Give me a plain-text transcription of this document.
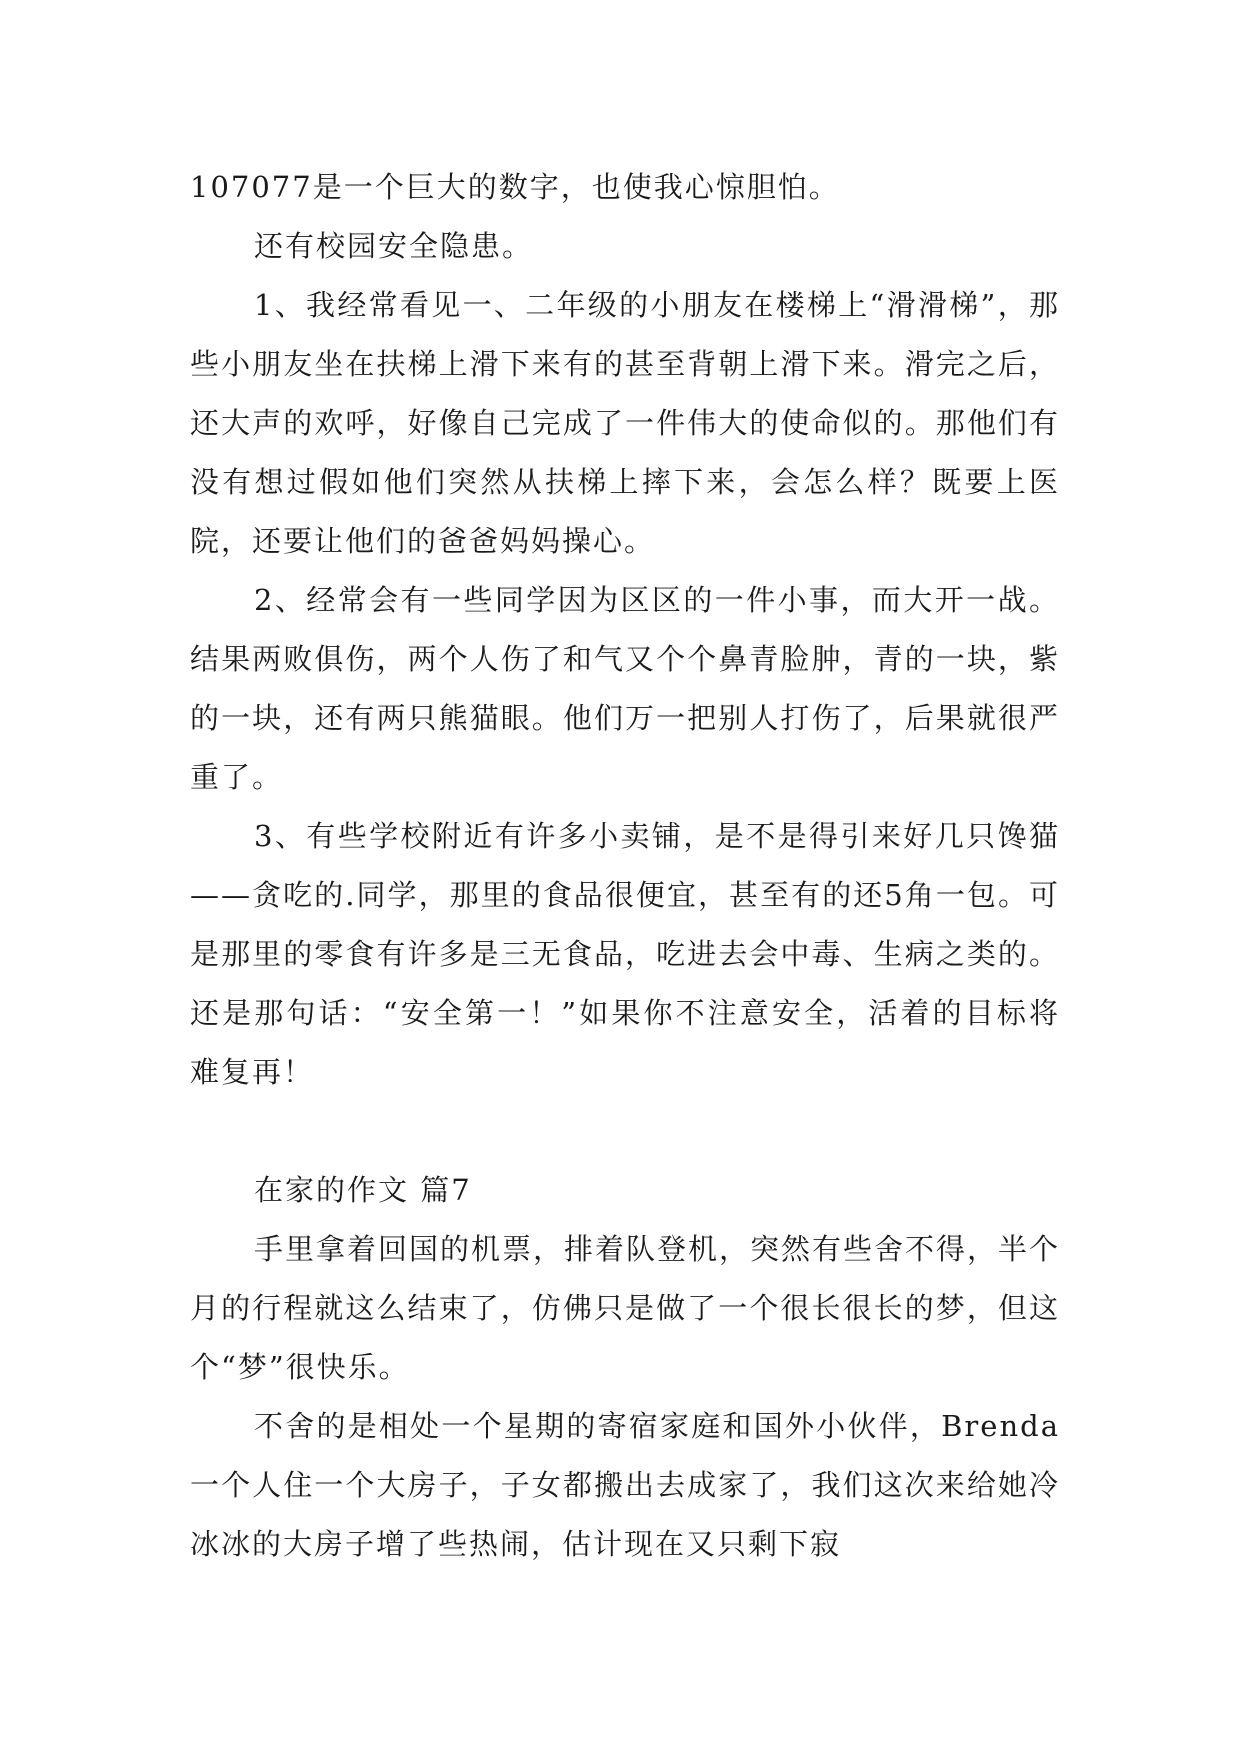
107077是一个巨大的数字，也使我心惊胆怕。

还有校园安全隐患。

1、我经常看见一、二年级的小朋友在楼梯上“滑滑梯”，那些小朋友坐在扶梯上滑下来有的甚至背朝上滑下来。滑完之后，还大声的欢呼，好像自己完成了一件伟大的使命似的。那他们有没有想过假如他们突然从扶梯上摔下来，会怎么样？既要上医院，还要让他们的爸爸妈妈操心。

2、经常会有一些同学因为区区的一件小事，而大开一战。结果两败俱伤，两个人伤了和气又个个鼻青脸肿，青的一块，紫的一块，还有两只熊猫眼。他们万一把别人打伤了，后果就很严重了。

3、有些学校附近有许多小卖铺，是不是得引来好几只馋猫——贪吃的.同学，那里的食品很便宜，甚至有的还5角一包。可是那里的零食有许多是三无食品，吃进去会中毒、生病之类的。还是那句话：“安全第一！”如果你不注意安全，活着的目标将难复再！

在家的作文 篇7

手里拿着回国的机票，排着队登机，突然有些舍不得，半个月的行程就这么结束了，仿佛只是做了一个很长很长的梦，但这个“梦”很快乐。

不舍的是相处一个星期的寄宿家庭和国外小伙伴，Brenda一个人住一个大房子，子女都搬出去成家了，我们这次来给她冷冰冰的大房子增了些热闹，估计现在又只剩下寂
